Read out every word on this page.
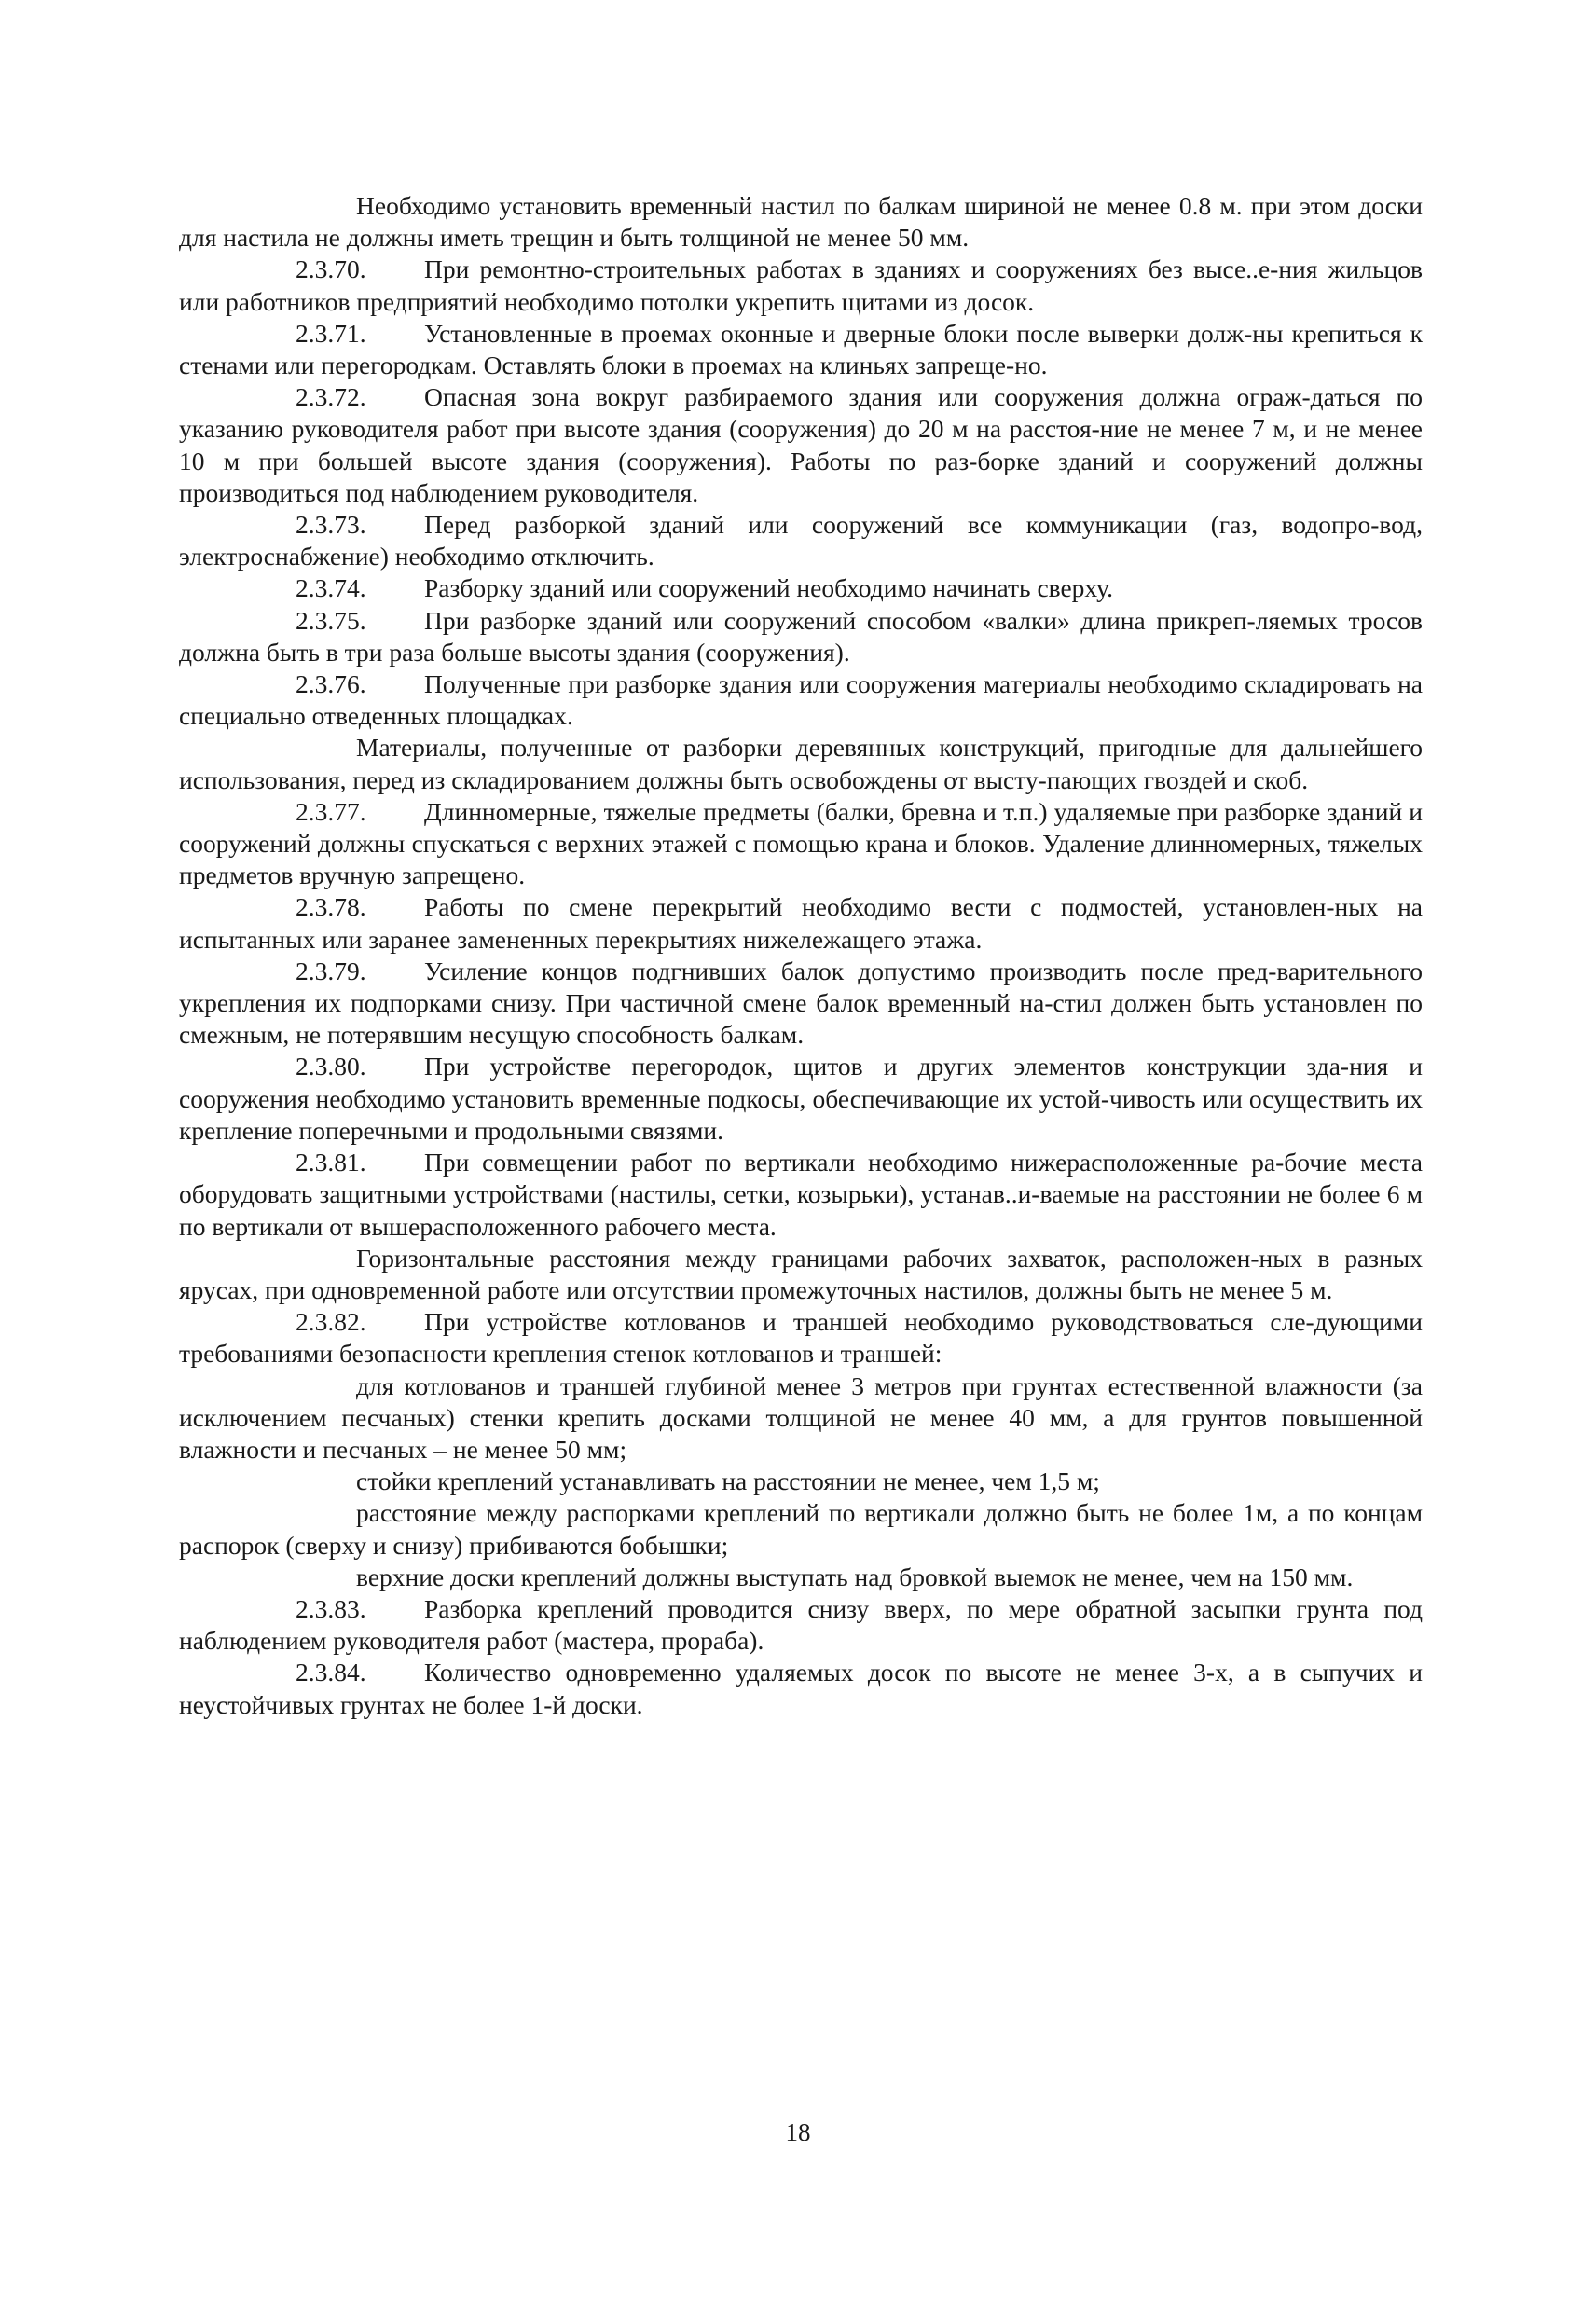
Необходимо установить временный настил по балкам шириной не менее 0.8 м. при этом доски для настила не должны иметь трещин и быть толщиной не менее 50 мм.

2.3.70. При ремонтно-строительных работах в зданиях и сооружениях без высе..е-ния жильцов или работников предприятий необходимо потолки укрепить щитами из досок.

2.3.71. Установленные в проемах оконные и дверные блоки после выверки долж-ны крепиться к стенами или перегородкам. Оставлять блоки в проемах на клиньях запреще-но.

2.3.72. Опасная зона вокруг разбираемого здания или сооружения должна ограж-даться по указанию руководителя работ при высоте здания (сооружения) до 20 м на расстоя-ние не менее 7 м, и не менее 10 м при большей высоте здания (сооружения). Работы по раз-борке зданий и сооружений должны производиться под наблюдением руководителя.

2.3.73. Перед разборкой зданий или сооружений все коммуникации (газ, водопро-вод, электроснабжение) необходимо отключить.

2.3.74. Разборку зданий или сооружений необходимо начинать сверху.

2.3.75. При разборке зданий или сооружений способом «валки» длина прикреп-ляемых тросов должна быть в три раза больше высоты здания (сооружения).

2.3.76. Полученные при разборке здания или сооружения материалы необходимо складировать на специально отведенных площадках.

Материалы, полученные от разборки деревянных конструкций, пригодные для дальнейшего использования, перед из складированием должны быть освобождены от высту-пающих гвоздей и скоб.

2.3.77. Длинномерные, тяжелые предметы (балки, бревна и т.п.) удаляемые при разборке зданий и сооружений должны спускаться с верхних этажей с помощью крана и блоков. Удаление длинномерных, тяжелых предметов вручную запрещено.

2.3.78. Работы по смене перекрытий необходимо вести с подмостей, установлен-ных на испытанных или заранее замененных перекрытиях нижележащего этажа.

2.3.79. Усиление концов подгнивших балок допустимо производить после пред-варительного укрепления их подпорками снизу. При частичной смене балок временный на-стил должен быть установлен по смежным, не потерявшим несущую способность балкам.

2.3.80. При устройстве перегородок, щитов и других элементов конструкции зда-ния и сооружения необходимо установить временные подкосы, обеспечивающие их устой-чивость или осуществить их крепление поперечными и продольными связями.

2.3.81. При совмещении работ по вертикали необходимо нижерасположенные ра-бочие места оборудовать защитными устройствами (настилы, сетки, козырьки), устанав..и-ваемые на расстоянии не более 6 м по вертикали от вышерасположенного рабочего места.

Горизонтальные расстояния между границами рабочих захваток, расположен-ных в разных ярусах, при одновременной работе или отсутствии промежуточных настилов, должны быть не менее 5 м.

2.3.82. При устройстве котлованов и траншей необходимо руководствоваться сле-дующими требованиями безопасности крепления стенок котлованов и траншей:

для котлованов и траншей глубиной менее 3 метров при грунтах естественной влажности (за исключением песчаных) стенки крепить досками толщиной не менее 40 мм, а для грунтов повышенной влажности и песчаных – не менее 50 мм;

стойки креплений устанавливать на расстоянии не менее, чем 1,5 м;

расстояние между распорками креплений по вертикали должно быть не более 1м, а по концам распорок (сверху и снизу) прибиваются бобышки;

верхние доски креплений должны выступать над бровкой выемок не менее, чем на 150 мм.

2.3.83. Разборка креплений проводится снизу вверх, по мере обратной засыпки грунта под наблюдением руководителя работ (мастера, прораба).

2.3.84. Количество одновременно удаляемых досок по высоте не менее 3-х, а в сыпучих и неустойчивых грунтах не более 1-й доски.

18
